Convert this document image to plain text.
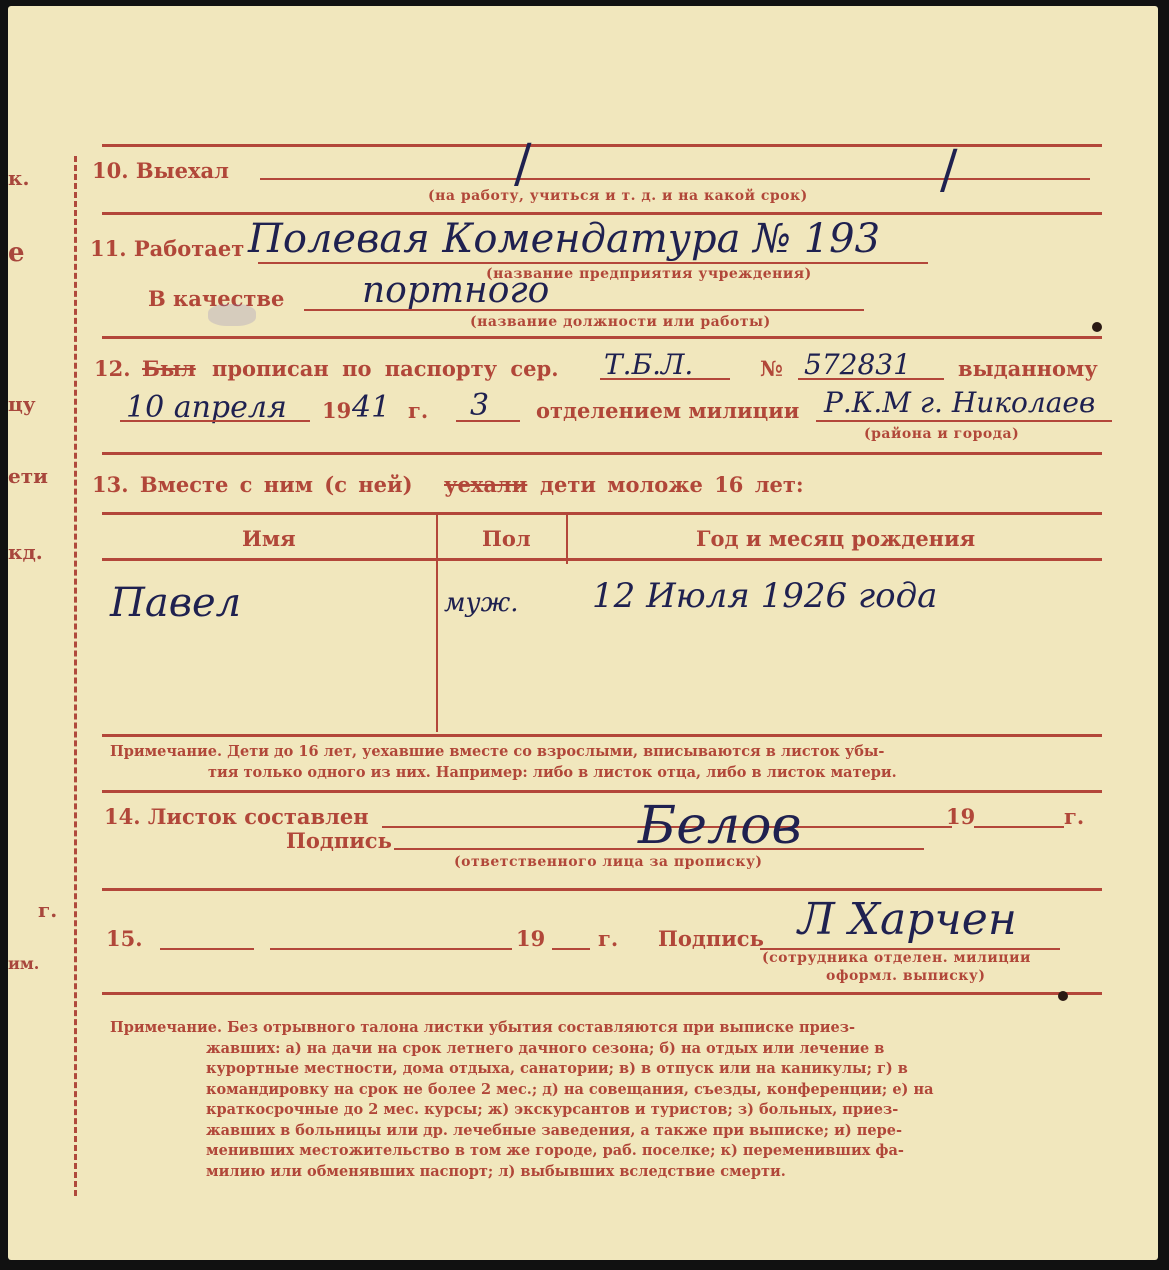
к.
е
цу
ети
кд.
г.
им.
10. Выехал	/	/
(на работу, учиться и т. д. и на какой срок)
11. Работает Полевая Комендатура № 193
(название предприятия учреждения)
В качестве портного
(название должности или работы)
12. Был прописан по паспорту сер. Т.Б.Л.	№ 572831 выданному
10 апреля 19 41 г. 3 отделением милиции Р.К.М г. Николаев
(района и города)
13. Вместе с ним (с ней) уехали дети моложе 16 лет:
Имя	Пол	Год и месяц рождения
Павел	муж. 12 Июля 1926 года
Примечание. Дети до 16 лет, уехавшие вместе со взрослыми, вписываются в листок убы-
тия только одного из них. Например: либо в листок отца, либо в листок матери.
14. Листок составлен	19	г.
Подпись	Белов
(ответственного лица за прописку)
15.	19	г. Подпись Л Харчен
(сотрудника отделен. милиции
оформл. выписку)
Примечание. Без отрывного талона листки убытия составляются при выписке приез-
жавших: а) на дачи на срок летнего дачного сезона; б) на отдых или лечение в
курортные местности, дома отдыха, санатории; в) в отпуск или на каникулы; г) в
командировку на срок не более 2 мес.; д) на совещания, съезды, конференции; е) на
краткосрочные до 2 мес. курсы; ж) экскурсантов и туристов; з) больных, приез-
жавших в больницы или др. лечебные заведения, а также при выписке; и) пере-
менивших местожительство в том же городе, раб. поселке; к) переменивших фа-
милию или обменявших паспорт; л) выбывших вследствие смерти.
